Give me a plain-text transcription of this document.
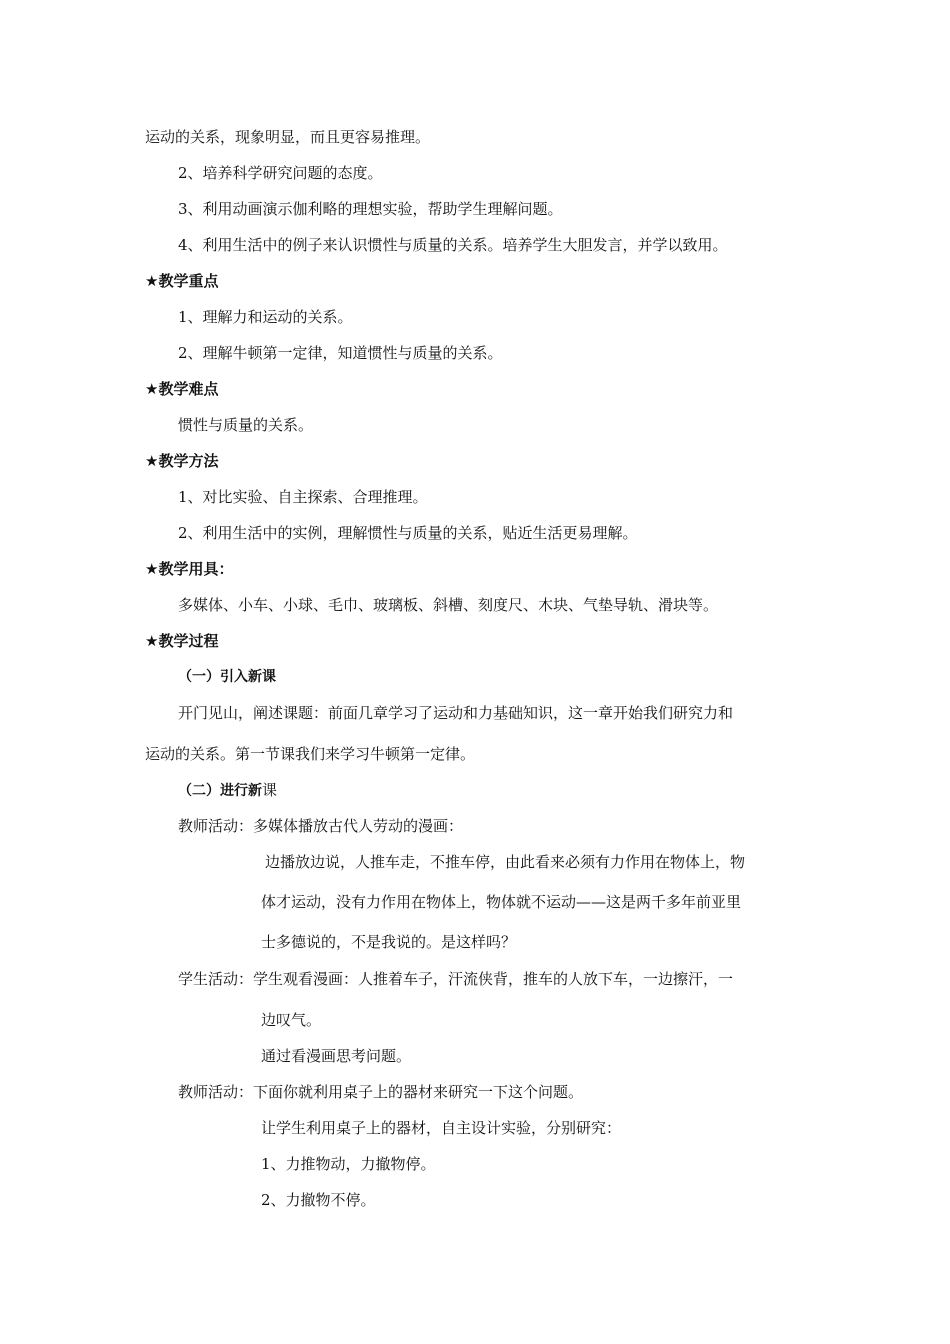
运动的关系，现象明显，而且更容易推理。
2、培养科学研究问题的态度。
3、利用动画演示伽利略的理想实验，帮助学生理解问题。
4、利用生活中的例子来认识惯性与质量的关系。培养学生大胆发言，并学以致用。
★教学重点
1、理解力和运动的关系。
2、理解牛顿第一定律，知道惯性与质量的关系。
★教学难点
惯性与质量的关系。
★教学方法
1、对比实验、自主探索、合理推理。
2、利用生活中的实例，理解惯性与质量的关系，贴近生活更易理解。
★教学用具：
多媒体、小车、小球、毛巾、玻璃板、斜槽、刻度尺、木块、气垫导轨、滑块等。
★教学过程
（一）引入新课
开门见山，阐述课题：前面几章学习了运动和力基础知识，这一章开始我们研究力和
运动的关系。第一节课我们来学习牛顿第一定律。
（二）进行新课
教师活动：多媒体播放古代人劳动的漫画：
边播放边说，人推车走，不推车停，由此看来必须有力作用在物体上，物
体才运动，没有力作用在物体上，物体就不运动——这是两千多年前亚里
士多德说的，不是我说的。是这样吗？
学生活动：学生观看漫画：人推着车子，汗流侠背，推车的人放下车，一边擦汗，一
边叹气。
通过看漫画思考问题。
教师活动：下面你就利用桌子上的器材来研究一下这个问题。
让学生利用桌子上的器材，自主设计实验，分别研究：
1、力推物动，力撤物停。
2、力撤物不停。
